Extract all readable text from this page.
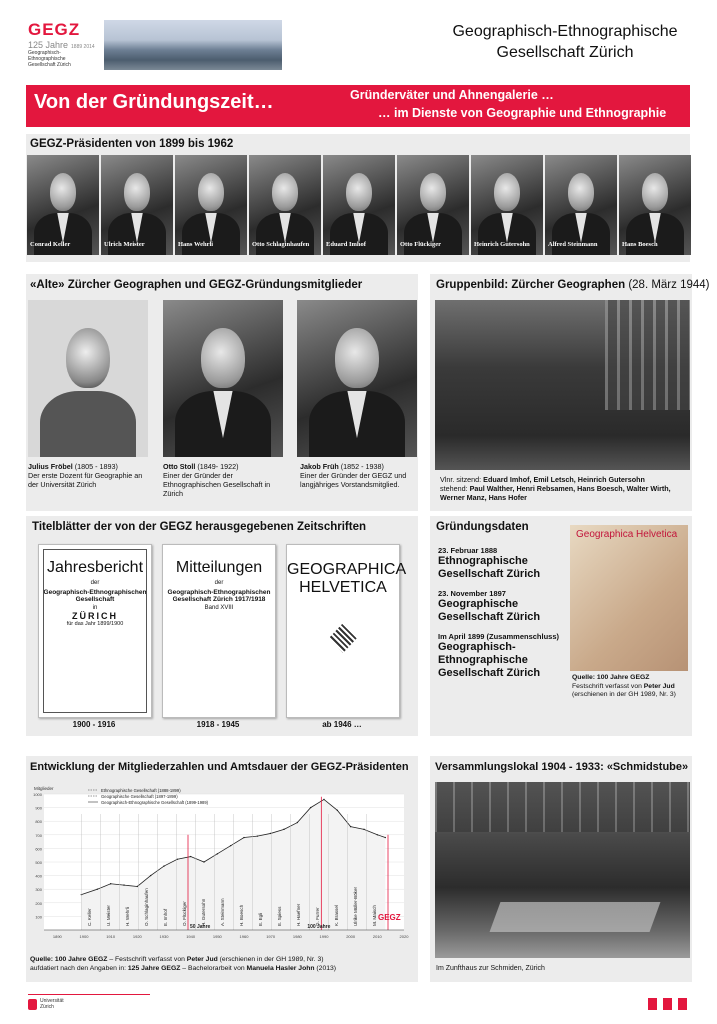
GEGZ
125 Jahre 1889 2014
Geographisch-Ethnographische Gesellschaft Zürich
Geographisch-Ethnographische
Gesellschaft Zürich
Von der Gründungszeit…	Gründerväter und Ahnengalerie …
… im Dienste von Geographie und Ethnographie
GEGZ-Präsidenten von 1899 bis 1962
Conrad Keller	Ulrich Meister	Hans Wehrli	Otto Schlaginhaufen	Eduard Imhof	Otto Flückiger	Heinrich Gutersohn	Alfred Steinmann	Hans Boesch
«Alte» Zürcher Geographen und GEGZ-Gründungsmitglieder
Julius Fröbel (1805 - 1893)
Der erste Dozent für Geographie an der Universität Zürich
Otto Stoll (1849- 1922)
Einer der Gründer der Ethnographischen Gesellschaft in Zürich
Jakob Früh (1852 - 1938)
Einer der Gründer der GEGZ und langjähriges Vorstandsmitglied.
Gruppenbild: Zürcher Geographen (28. März 1944)
Vlnr. sitzend: Eduard Imhof, Emil Letsch, Heinrich Gutersohn
stehend: Paul Walther, Henri Rebsamen, Hans Boesch, Walter Wirth, Werner Manz, Hans Hofer
Titelblätter der von der GEGZ herausgegebenen Zeitschriften
Jahresbericht
der
Geographisch-Ethnographischen
Gesellschaft
in
ZÜRICH
für das Jahr 1899/1900
1900 - 1916
Mitteilungen
der
Geographisch-Ethnographischen
Gesellschaft Zürich 1917/1918
Band XVIII
1918 - 1945
GEOGRAPHICA
HELVETICA
ab 1946 …
Gründungsdaten
23. Februar 1888
Ethnographische Gesellschaft Zürich
23. November 1897
Geographische Gesellschaft Zürich
Im April 1899 (Zusammenschluss)
Geographisch-Ethnographische Gesellschaft Zürich
Geographica Helvetica
Quelle: 100 Jahre GEGZ
Festschrift verfasst von Peter Jud
(erschienen in der GH 1989, Nr. 3)
Entwicklung der Mitgliederzahlen und Amtsdauer der GEGZ-Präsidenten
100
200
300
400
500
600
700
800
900
1000
1890	1900	1910	1920	1930	1940	1950	1960	1970	1980	1990	2000	2010	2020
Mitglieder	Ethnographische Gesellschaft (1888-1899)
Geographische Gesellschaft (1897-1899)
Geographisch-Ethnographische Gesellschaft (1899-1989)
C. Keller	U. Meister	H. Wehrli	O. Schlaginhaufen	E. Imhof	O. Flückiger	H. Gutersohn	A. Steinmann	H. Boesch	E. Egli	E. Spiess	H. Haefner	G. Furrer	K. Brassel	Ulrike Müller-Böker	M. Maisch
50 Jahre	100 Jahre
GEGZ
Quelle: 100 Jahre GEGZ – Festschrift verfasst von Peter Jud (erschienen in der GH 1989, Nr. 3)
aufdatiert nach den Angaben in: 125 Jahre GEGZ – Bachelorarbeit von Manuela Hasler John (2013)
Versammlungslokal 1904 - 1933: «Schmidstube»
Im Zunfthaus zur Schmiden, Zürich
Universität Zürich
